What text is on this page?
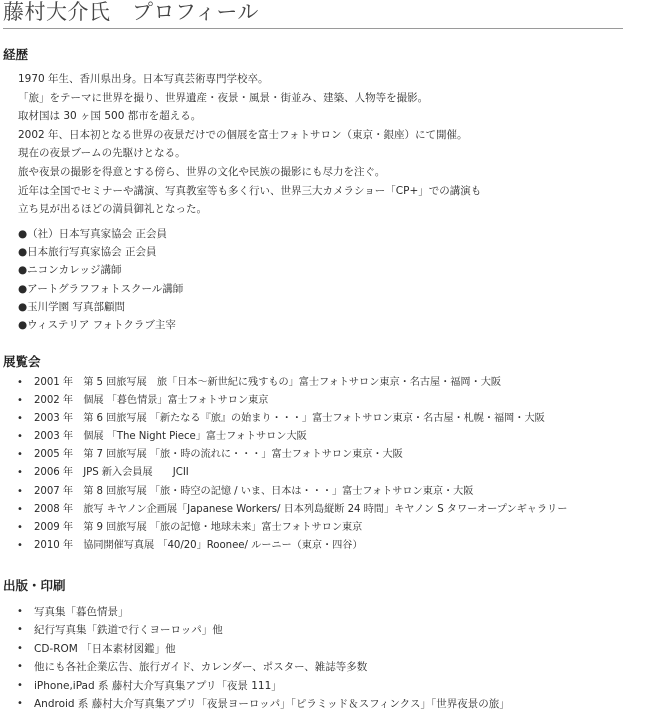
藤村大介氏　プロフィール
経歴
1970 年生、香川県出身。日本写真芸術専門学校卒。
「旅」をテーマに世界を撮り、世界遺産・夜景・風景・街並み、建築、人物等を撮影。
取材国は 30 ヶ国 500 都市を超える。
2002 年、日本初となる世界の夜景だけでの個展を富士フォトサロン（東京・銀座）にて開催。
現在の夜景ブームの先駆けとなる。
旅や夜景の撮影を得意とする傍ら、世界の文化や民族の撮影にも尽力を注ぐ。
近年は全国でセミナーや講演、写真教室等も多く行い、世界三大カメラショー「CP+」での講演も
立ち見が出るほどの満員御礼となった。
●（社）日本写真家協会 正会員
●日本旅行写真家協会 正会員
●ニコンカレッジ講師
●アートグラフフォトスクール講師
●玉川学園 写真部顧問
●ウィステリア フォトクラブ主宰
展覧会
• 2001 年　第 5 回旅写展　旅「日本〜新世紀に残すもの」富士フォトサロン東京・名古屋・福岡・大阪
• 2002 年　個展 「暮色情景」富士フォトサロン東京
• 2003 年　第 6 回旅写展 「新たなる『旅』の始まり・・・」富士フォトサロン東京・名古屋・札幌・福岡・大阪
• 2003 年　個展 「The Night Piece」富士フォトサロン大阪
• 2005 年　第 7 回旅写展 「旅・時の流れに・・・」富士フォトサロン東京・大阪
• 2006 年　JPS 新入会員展　　JCII
• 2007 年　第 8 回旅写展 「旅・時空の記憶 / いま、日本は・・・」富士フォトサロン東京・大阪
• 2008 年　旅写 キヤノン企画展「Japanese Workers/ 日本列島縦断 24 時間」キヤノン S タワーオープンギャラリー
• 2009 年　第 9 回旅写展 「旅の記憶・地球未来」富士フォトサロン東京
• 2010 年　協同開催写真展 「40/20」Roonee/ ルーニー（東京・四谷）
出版・印刷
• 写真集「暮色情景」
• 紀行写真集「鉄道で行くヨーロッパ」他
• CD-ROM 「日本素材図鑑」他
• 他にも各社企業広告、旅行ガイド、カレンダー、ポスター、雑誌等多数
• iPhone,iPad 系 藤村大介写真集アプリ「夜景 111」
• Android 系 藤村大介写真集アプリ「夜景ヨーロッパ」「ピラミッド＆スフィンクス」「世界夜景の旅」
